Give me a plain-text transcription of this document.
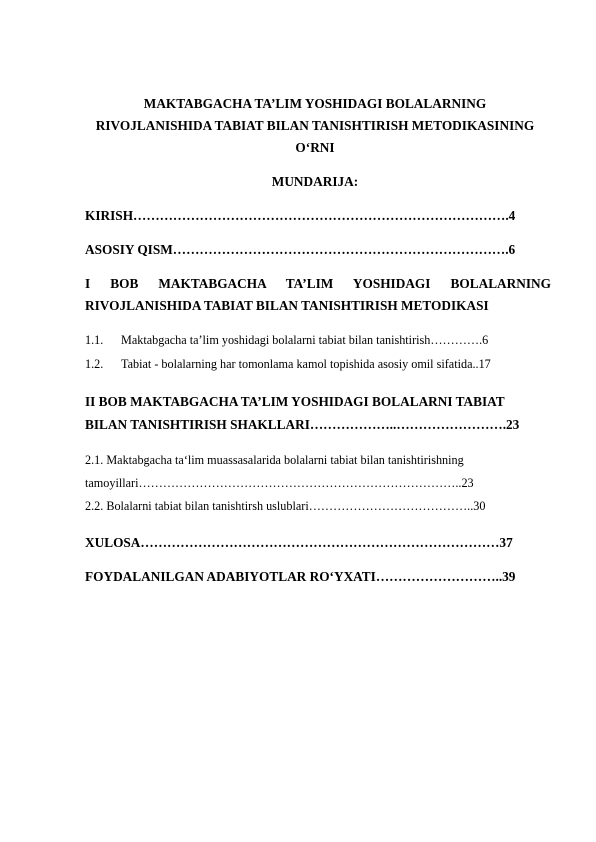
MAKTABGACHA TA’LIM YOSHIDAGI BOLALARNING
RIVOJLANISHIDA TABIAT BILAN TANISHTIRISH METODIKASINING
O‘RNI
MUNDARIJA:
KIRISH………………………………………………………………………….4
ASOSIY QISM………………………………………………………………….6
I BOB MAKTABGACHA TA’LIM YOSHIDAGI BOLALARNING
RIVOJLANISHIDA TABIAT BILAN TANISHTIRISH METODIKASI
1.1. Maktabgacha ta’lim yoshidagi bolalarni tabiat bilan tanishtirish………….6
1.2. Tabiat - bolalarning har tomonlama kamol topishida asosiy omil sifatida..17
II BOB MAKTABGACHA TA’LIM YOSHIDAGI BOLALARNI TABIAT
BILAN TANISHTIRISH SHAKLLARI………………..…………………….23
2.1. Maktabgacha ta‘lim muassasalarida bolalarni tabiat bilan tanishtirishning
tamoyillari……………………………………………………………………..23
2.2. Bolalarni tabiat bilan tanishtirsh uslublari…………………………………..30
XULOSA………………………………………………………………………37
FOYDALANILGAN ADABIYOTLAR RO‘YXATI………………………..39
